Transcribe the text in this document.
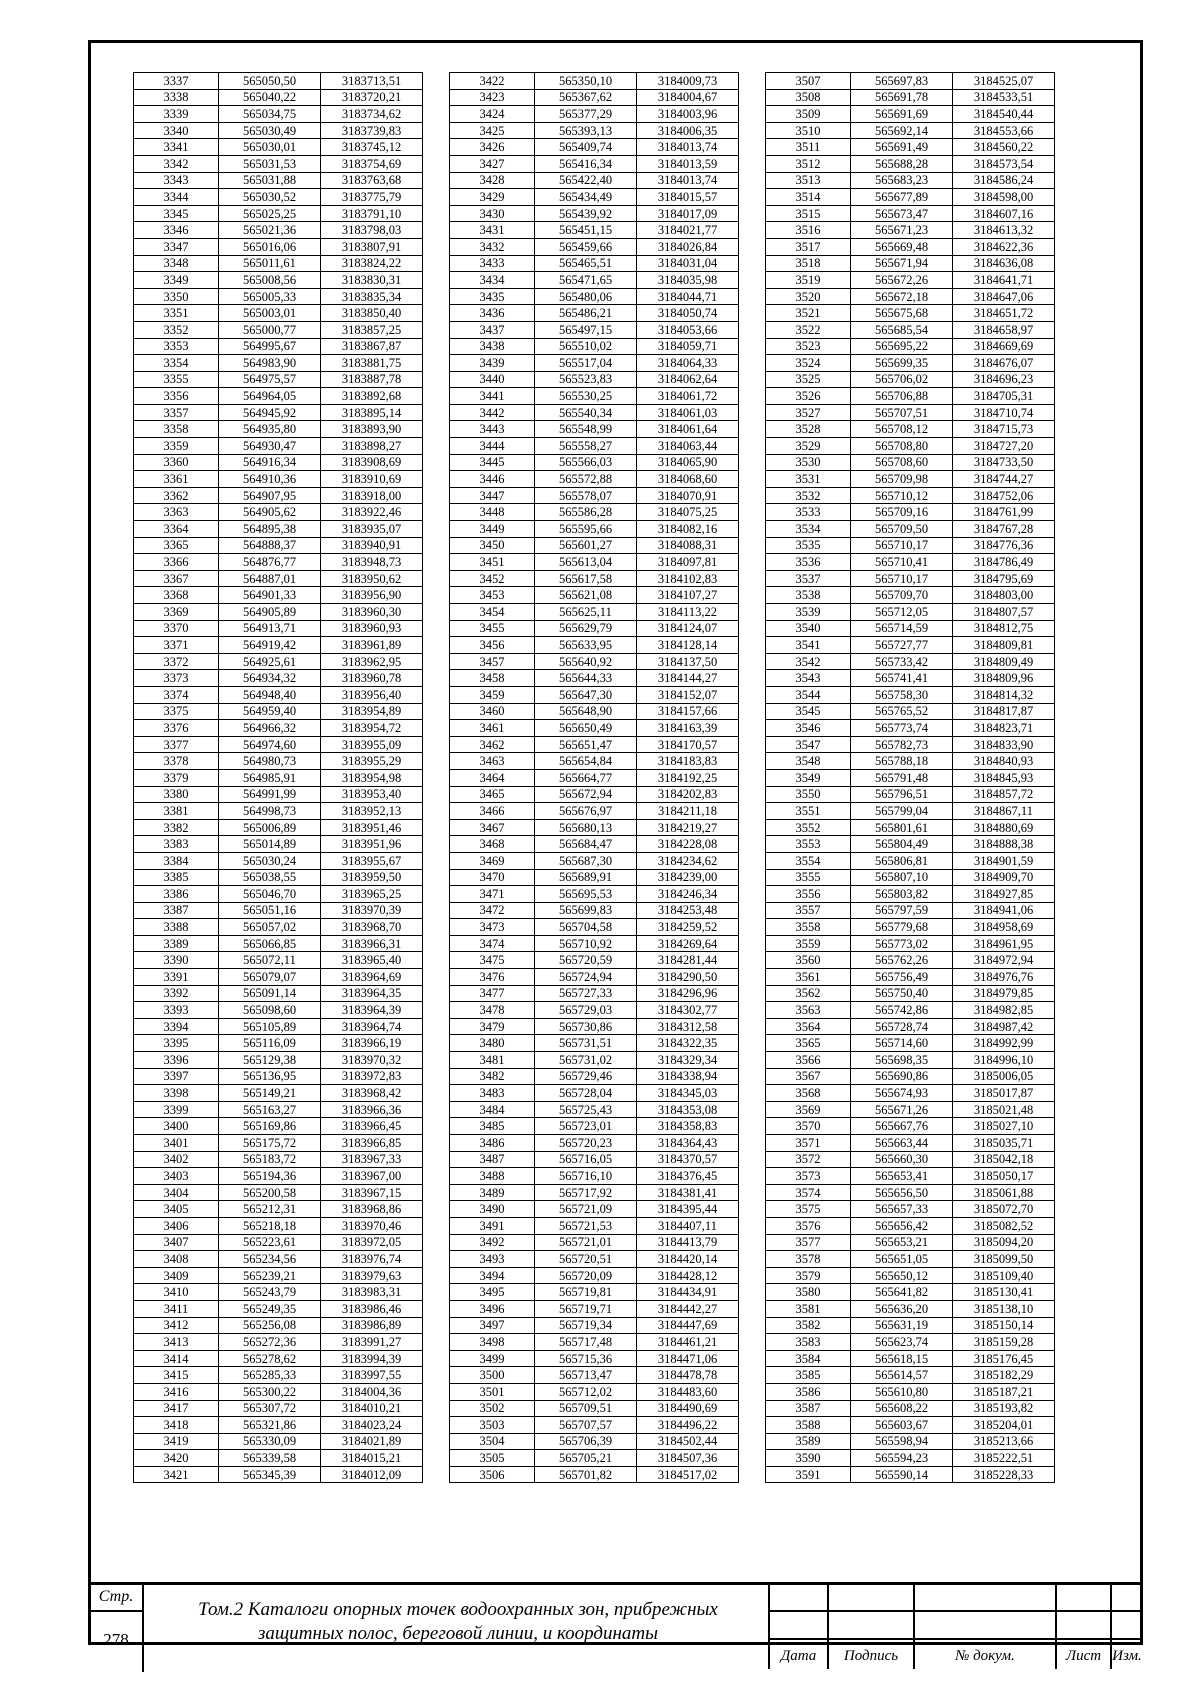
3337	565050,50	3183713,51
3338	565040,22	3183720,21
3339	565034,75	3183734,62
3340	565030,49	3183739,83
3341	565030,01	3183745,12
3342	565031,53	3183754,69
3343	565031,88	3183763,68
3344	565030,52	3183775,79
3345	565025,25	3183791,10
3346	565021,36	3183798,03
3347	565016,06	3183807,91
3348	565011,61	3183824,22
3349	565008,56	3183830,31
3350	565005,33	3183835,34
3351	565003,01	3183850,40
3352	565000,77	3183857,25
3353	564995,67	3183867,87
3354	564983,90	3183881,75
3355	564975,57	3183887,78
3356	564964,05	3183892,68
3357	564945,92	3183895,14
3358	564935,80	3183893,90
3359	564930,47	3183898,27
3360	564916,34	3183908,69
3361	564910,36	3183910,69
3362	564907,95	3183918,00
3363	564905,62	3183922,46
3364	564895,38	3183935,07
3365	564888,37	3183940,91
3366	564876,77	3183948,73
3367	564887,01	3183950,62
3368	564901,33	3183956,90
3369	564905,89	3183960,30
3370	564913,71	3183960,93
3371	564919,42	3183961,89
3372	564925,61	3183962,95
3373	564934,32	3183960,78
3374	564948,40	3183956,40
3375	564959,40	3183954,89
3376	564966,32	3183954,72
3377	564974,60	3183955,09
3378	564980,73	3183955,29
3379	564985,91	3183954,98
3380	564991,99	3183953,40
3381	564998,73	3183952,13
3382	565006,89	3183951,46
3383	565014,89	3183951,96
3384	565030,24	3183955,67
3385	565038,55	3183959,50
3386	565046,70	3183965,25
3387	565051,16	3183970,39
3388	565057,02	3183968,70
3389	565066,85	3183966,31
3390	565072,11	3183965,40
3391	565079,07	3183964,69
3392	565091,14	3183964,35
3393	565098,60	3183964,39
3394	565105,89	3183964,74
3395	565116,09	3183966,19
3396	565129,38	3183970,32
3397	565136,95	3183972,83
3398	565149,21	3183968,42
3399	565163,27	3183966,36
3400	565169,86	3183966,45
3401	565175,72	3183966,85
3402	565183,72	3183967,33
3403	565194,36	3183967,00
3404	565200,58	3183967,15
3405	565212,31	3183968,86
3406	565218,18	3183970,46
3407	565223,61	3183972,05
3408	565234,56	3183976,74
3409	565239,21	3183979,63
3410	565243,79	3183983,31
3411	565249,35	3183986,46
3412	565256,08	3183986,89
3413	565272,36	3183991,27
3414	565278,62	3183994,39
3415	565285,33	3183997,55
3416	565300,22	3184004,36
3417	565307,72	3184010,21
3418	565321,86	3184023,24
3419	565330,09	3184021,89
3420	565339,58	3184015,21
3421	565345,39	3184012,09
3422	565350,10	3184009,73
3423	565367,62	3184004,67
3424	565377,29	3184003,96
3425	565393,13	3184006,35
3426	565409,74	3184013,74
3427	565416,34	3184013,59
3428	565422,40	3184013,74
3429	565434,49	3184015,57
3430	565439,92	3184017,09
3431	565451,15	3184021,77
3432	565459,66	3184026,84
3433	565465,51	3184031,04
3434	565471,65	3184035,98
3435	565480,06	3184044,71
3436	565486,21	3184050,74
3437	565497,15	3184053,66
3438	565510,02	3184059,71
3439	565517,04	3184064,33
3440	565523,83	3184062,64
3441	565530,25	3184061,72
3442	565540,34	3184061,03
3443	565548,99	3184061,64
3444	565558,27	3184063,44
3445	565566,03	3184065,90
3446	565572,88	3184068,60
3447	565578,07	3184070,91
3448	565586,28	3184075,25
3449	565595,66	3184082,16
3450	565601,27	3184088,31
3451	565613,04	3184097,81
3452	565617,58	3184102,83
3453	565621,08	3184107,27
3454	565625,11	3184113,22
3455	565629,79	3184124,07
3456	565633,95	3184128,14
3457	565640,92	3184137,50
3458	565644,33	3184144,27
3459	565647,30	3184152,07
3460	565648,90	3184157,66
3461	565650,49	3184163,39
3462	565651,47	3184170,57
3463	565654,84	3184183,83
3464	565664,77	3184192,25
3465	565672,94	3184202,83
3466	565676,97	3184211,18
3467	565680,13	3184219,27
3468	565684,47	3184228,08
3469	565687,30	3184234,62
3470	565689,91	3184239,00
3471	565695,53	3184246,34
3472	565699,83	3184253,48
3473	565704,58	3184259,52
3474	565710,92	3184269,64
3475	565720,59	3184281,44
3476	565724,94	3184290,50
3477	565727,33	3184296,96
3478	565729,03	3184302,77
3479	565730,86	3184312,58
3480	565731,51	3184322,35
3481	565731,02	3184329,34
3482	565729,46	3184338,94
3483	565728,04	3184345,03
3484	565725,43	3184353,08
3485	565723,01	3184358,83
3486	565720,23	3184364,43
3487	565716,05	3184370,57
3488	565716,10	3184376,45
3489	565717,92	3184381,41
3490	565721,09	3184395,44
3491	565721,53	3184407,11
3492	565721,01	3184413,79
3493	565720,51	3184420,14
3494	565720,09	3184428,12
3495	565719,81	3184434,91
3496	565719,71	3184442,27
3497	565719,34	3184447,69
3498	565717,48	3184461,21
3499	565715,36	3184471,06
3500	565713,47	3184478,78
3501	565712,02	3184483,60
3502	565709,51	3184490,69
3503	565707,57	3184496,22
3504	565706,39	3184502,44
3505	565705,21	3184507,36
3506	565701,82	3184517,02
3507	565697,83	3184525,07
3508	565691,78	3184533,51
3509	565691,69	3184540,44
3510	565692,14	3184553,66
3511	565691,49	3184560,22
3512	565688,28	3184573,54
3513	565683,23	3184586,24
3514	565677,89	3184598,00
3515	565673,47	3184607,16
3516	565671,23	3184613,32
3517	565669,48	3184622,36
3518	565671,94	3184636,08
3519	565672,26	3184641,71
3520	565672,18	3184647,06
3521	565675,68	3184651,72
3522	565685,54	3184658,97
3523	565695,22	3184669,69
3524	565699,35	3184676,07
3525	565706,02	3184696,23
3526	565706,88	3184705,31
3527	565707,51	3184710,74
3528	565708,12	3184715,73
3529	565708,80	3184727,20
3530	565708,60	3184733,50
3531	565709,98	3184744,27
3532	565710,12	3184752,06
3533	565709,16	3184761,99
3534	565709,50	3184767,28
3535	565710,17	3184776,36
3536	565710,41	3184786,49
3537	565710,17	3184795,69
3538	565709,70	3184803,00
3539	565712,05	3184807,57
3540	565714,59	3184812,75
3541	565727,77	3184809,81
3542	565733,42	3184809,49
3543	565741,41	3184809,96
3544	565758,30	3184814,32
3545	565765,52	3184817,87
3546	565773,74	3184823,71
3547	565782,73	3184833,90
3548	565788,18	3184840,93
3549	565791,48	3184845,93
3550	565796,51	3184857,72
3551	565799,04	3184867,11
3552	565801,61	3184880,69
3553	565804,49	3184888,38
3554	565806,81	3184901,59
3555	565807,10	3184909,70
3556	565803,82	3184927,85
3557	565797,59	3184941,06
3558	565779,68	3184958,69
3559	565773,02	3184961,95
3560	565762,26	3184972,94
3561	565756,49	3184976,76
3562	565750,40	3184979,85
3563	565742,86	3184982,85
3564	565728,74	3184987,42
3565	565714,60	3184992,99
3566	565698,35	3184996,10
3567	565690,86	3185006,05
3568	565674,93	3185017,87
3569	565671,26	3185021,48
3570	565667,76	3185027,10
3571	565663,44	3185035,71
3572	565660,30	3185042,18
3573	565653,41	3185050,17
3574	565656,50	3185061,88
3575	565657,33	3185072,70
3576	565656,42	3185082,52
3577	565653,21	3185094,20
3578	565651,05	3185099,50
3579	565650,12	3185109,40
3580	565641,82	3185130,41
3581	565636,20	3185138,10
3582	565631,19	3185150,14
3583	565623,74	3185159,28
3584	565618,15	3185176,45
3585	565614,57	3185182,29
3586	565610,80	3185187,21
3587	565608,22	3185193,82
3588	565603,67	3185204,01
3589	565598,94	3185213,66
3590	565594,23	3185222,51
3591	565590,14	3185228,33
Стр.
278
Том.2 Каталоги опорных точек водоохранных зон, прибрежных
защитных полос, береговой линии, и координаты
Дата	Подпись	№ докум.	Лист Изм.
